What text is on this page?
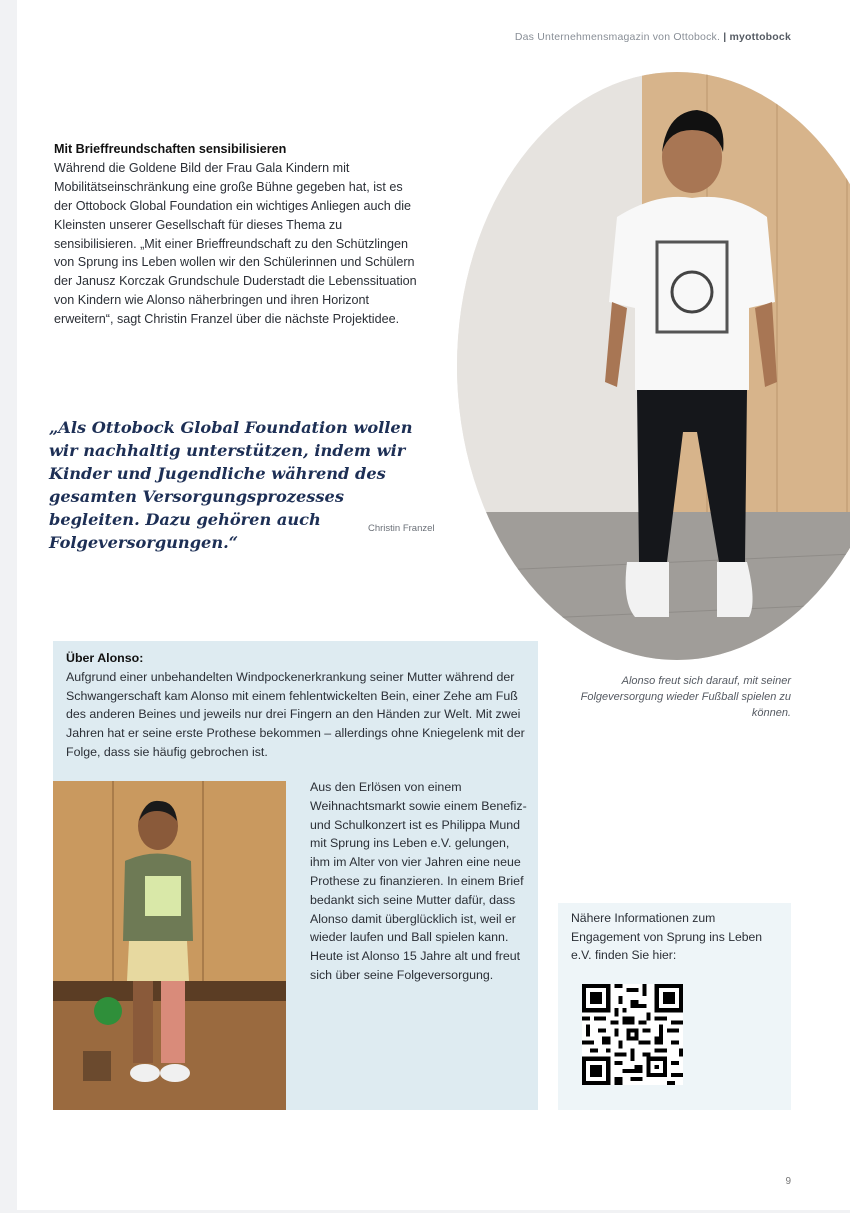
Das Unternehmensmagazin von Ottobock. | myottobock
Mit Brieffreundschaften sensibilisieren
Während die Goldene Bild der Frau Gala Kindern mit Mobilitätseinschränkung eine große Bühne gegeben hat, ist es der Ottobock Global Foundation ein wichtiges Anliegen auch die Kleinsten unserer Gesellschaft für dieses Thema zu sensibilisieren. „Mit einer Brieffreundschaft zu den Schützlingen von Sprung ins Leben wollen wir den Schülerinnen und Schülern der Janusz Korczak Grundschule Duderstadt die Lebenssituation von Kindern wie Alonso näherbringen und ihren Horizont erweitern“, sagt Christin Franzel über die nächste Projektidee.
„Als Ottobock Global Foundation wollen wir nachhaltig unterstützen, indem wir Kinder und Jugendliche während des gesamten Versorgungsprozesses begleiten. Dazu gehören auch Folgeversorgungen.“
Christin Franzel
Alonso freut sich darauf, mit seiner Folgeversorgung wieder Fußball spielen zu können.
Über Alonso:
Aufgrund einer unbehandelten Windpockenerkrankung seiner Mutter während der Schwangerschaft kam Alonso mit einem fehlentwickelten Bein, einer Zehe am Fuß des anderen Beines und jeweils nur drei Fingern an den Händen zur Welt. Mit zwei Jahren hat er seine erste Prothese bekommen – allerdings ohne Kniegelenk mit der Folge, dass sie häufig gebrochen ist.
Aus den Erlösen von einem Weihnachtsmarkt sowie einem Benefiz- und Schulkonzert ist es Philippa Mund mit Sprung ins Leben e.V. gelungen, ihm im Alter von vier Jahren eine neue Prothese zu finanzieren. In einem Brief bedankt sich seine Mutter dafür, dass Alonso damit überglücklich ist, weil er wieder laufen und Ball spielen kann. Heute ist Alonso 15 Jahre alt und freut sich über seine Folgeversorgung.
Nähere Informationen zum Engagement von Sprung ins Leben e.V. finden Sie hier:
9
